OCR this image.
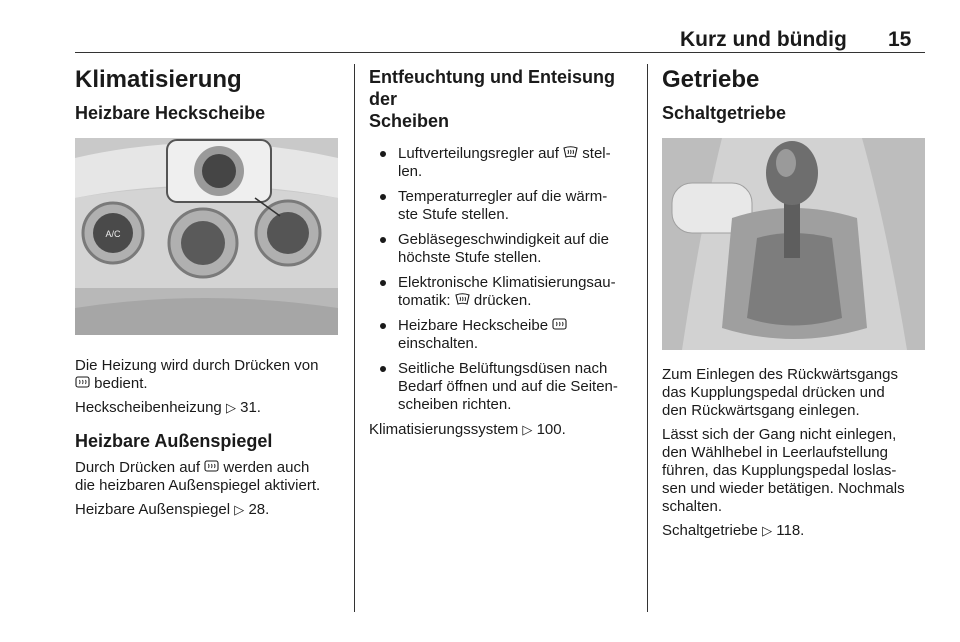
Kurz und bündig 15
Klimatisierung
Heizbare Heckscheibe
A/C
Die Heizung wird durch Drücken von

bedient.
Heckscheibenheizung ▷ 31.
Heizbare Außenspiegel
Durch Drücken auf werden auch
die heizbaren Außenspiegel aktiviert.
Heizbare Außenspiegel ▷ 28.
Entfeuchtung und Enteisung der
Scheiben
Luftverteilungsregler auf stel-
len.
Temperaturregler auf die wärm-
ste Stufe stellen.
Gebläsegeschwindigkeit auf die
höchste Stufe stellen.
Elektronische Klimatisierungsau-
tomatik: drücken.
Heizbare Heckscheibe

einschalten.
Seitliche Belüftungsdüsen nach
Bedarf öffnen und auf die Seiten-
scheiben richten.
Klimatisierungssystem ▷ 100.
Getriebe
Schaltgetriebe
Zum Einlegen des Rückwärtsgangs
das Kupplungspedal drücken und
den Rückwärtsgang einlegen.
Lässt sich der Gang nicht einlegen,
den Wählhebel in Leerlaufstellung
führen, das Kupplungspedal loslas-
sen und wieder betätigen. Nochmals
schalten.
Schaltgetriebe ▷ 118.
